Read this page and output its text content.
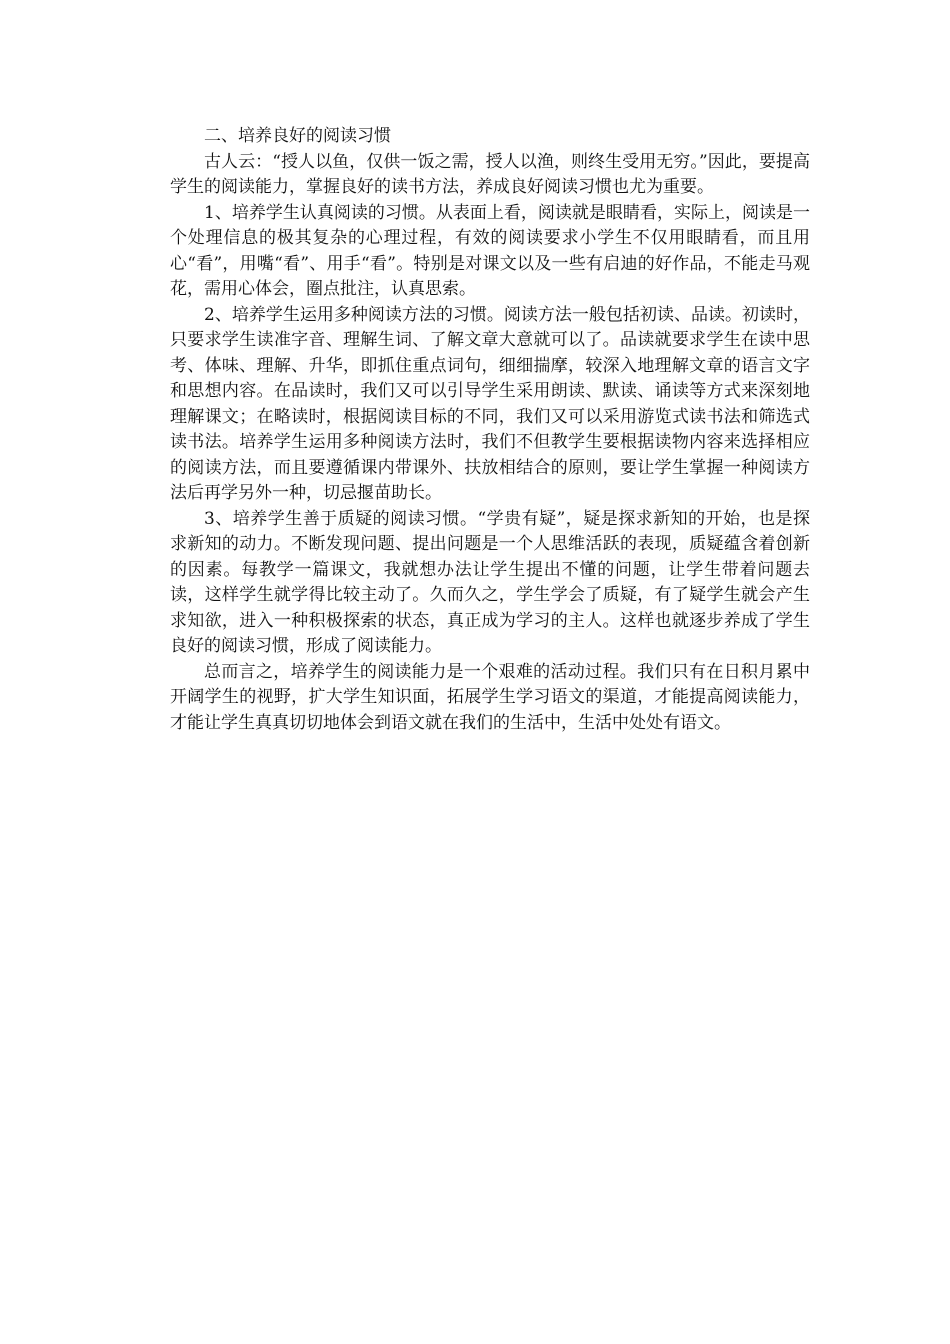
二、培养良好的阅读习惯

古人云：“授人以鱼，仅供一饭之需，授人以渔，则终生受用无穷。”因此，要提高学生的阅读能力，掌握良好的读书方法，养成良好阅读习惯也尤为重要。

1、培养学生认真阅读的习惯。从表面上看，阅读就是眼睛看，实际上，阅读是一个处理信息的极其复杂的心理过程，有效的阅读要求小学生不仅用眼睛看，而且用心“看”，用嘴“看”、用手“看”。特别是对课文以及一些有启迪的好作品，不能走马观花，需用心体会，圈点批注，认真思索。

2、培养学生运用多种阅读方法的习惯。阅读方法一般包括初读、品读。初读时，只要求学生读准字音、理解生词、了解文章大意就可以了。品读就要求学生在读中思考、体味、理解、升华，即抓住重点词句，细细揣摩，较深入地理解文章的语言文字和思想内容。在品读时，我们又可以引导学生采用朗读、默读、诵读等方式来深刻地理解课文；在略读时，根据阅读目标的不同，我们又可以采用游览式读书法和筛选式读书法。培养学生运用多种阅读方法时，我们不但教学生要根据读物内容来选择相应的阅读方法，而且要遵循课内带课外、扶放相结合的原则，要让学生掌握一种阅读方法后再学另外一种，切忌揠苗助长。

3、培养学生善于质疑的阅读习惯。“学贵有疑”，疑是探求新知的开始，也是探求新知的动力。不断发现问题、提出问题是一个人思维活跃的表现，质疑蕴含着创新的因素。每教学一篇课文，我就想办法让学生提出不懂的问题，让学生带着问题去读，这样学生就学得比较主动了。久而久之，学生学会了质疑，有了疑学生就会产生求知欲，进入一种积极探索的状态，真正成为学习的主人。这样也就逐步养成了学生良好的阅读习惯，形成了阅读能力。

总而言之，培养学生的阅读能力是一个艰难的活动过程。我们只有在日积月累中开阔学生的视野，扩大学生知识面，拓展学生学习语文的渠道，才能提高阅读能力，才能让学生真真切切地体会到语文就在我们的生活中，生活中处处有语文。
